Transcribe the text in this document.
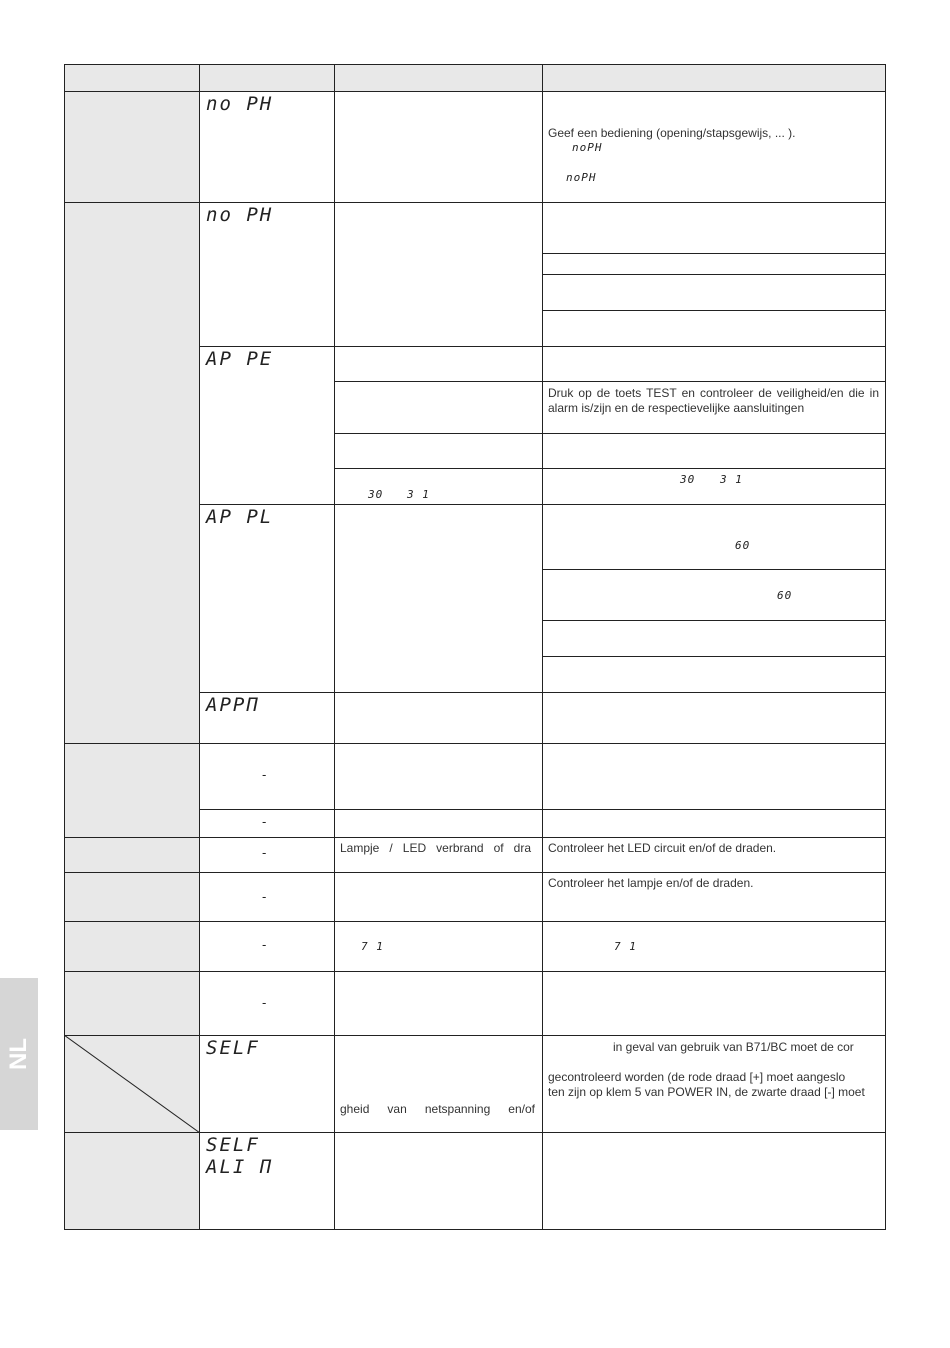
no PH
no PH
AP PE
AP PL
APPП
SELF
SELF
ALI П
-
-
-
-
-
-
Geef een bediening (opening/stapsgewijs, ... ).
noPH
noPH
Druk op de toets TEST en controleer de veiligheid/en die in alarm is/zijn en de respectievelijke aansluitingen
30 3 1
30 3 1
60
60
Lampje / LED verbrand of dra Controleer het LED circuit en/of de draden.
Controleer het lampje en/of de draden.
7 1	7 1
gheid van netspanning en/of
in geval van gebruik van B71/BC moet de cor
gecontroleerd worden (de rode draad [+] moet aangeslo
ten zijn op klem 5 van POWER IN, de zwarte draad [-] moet
NL
